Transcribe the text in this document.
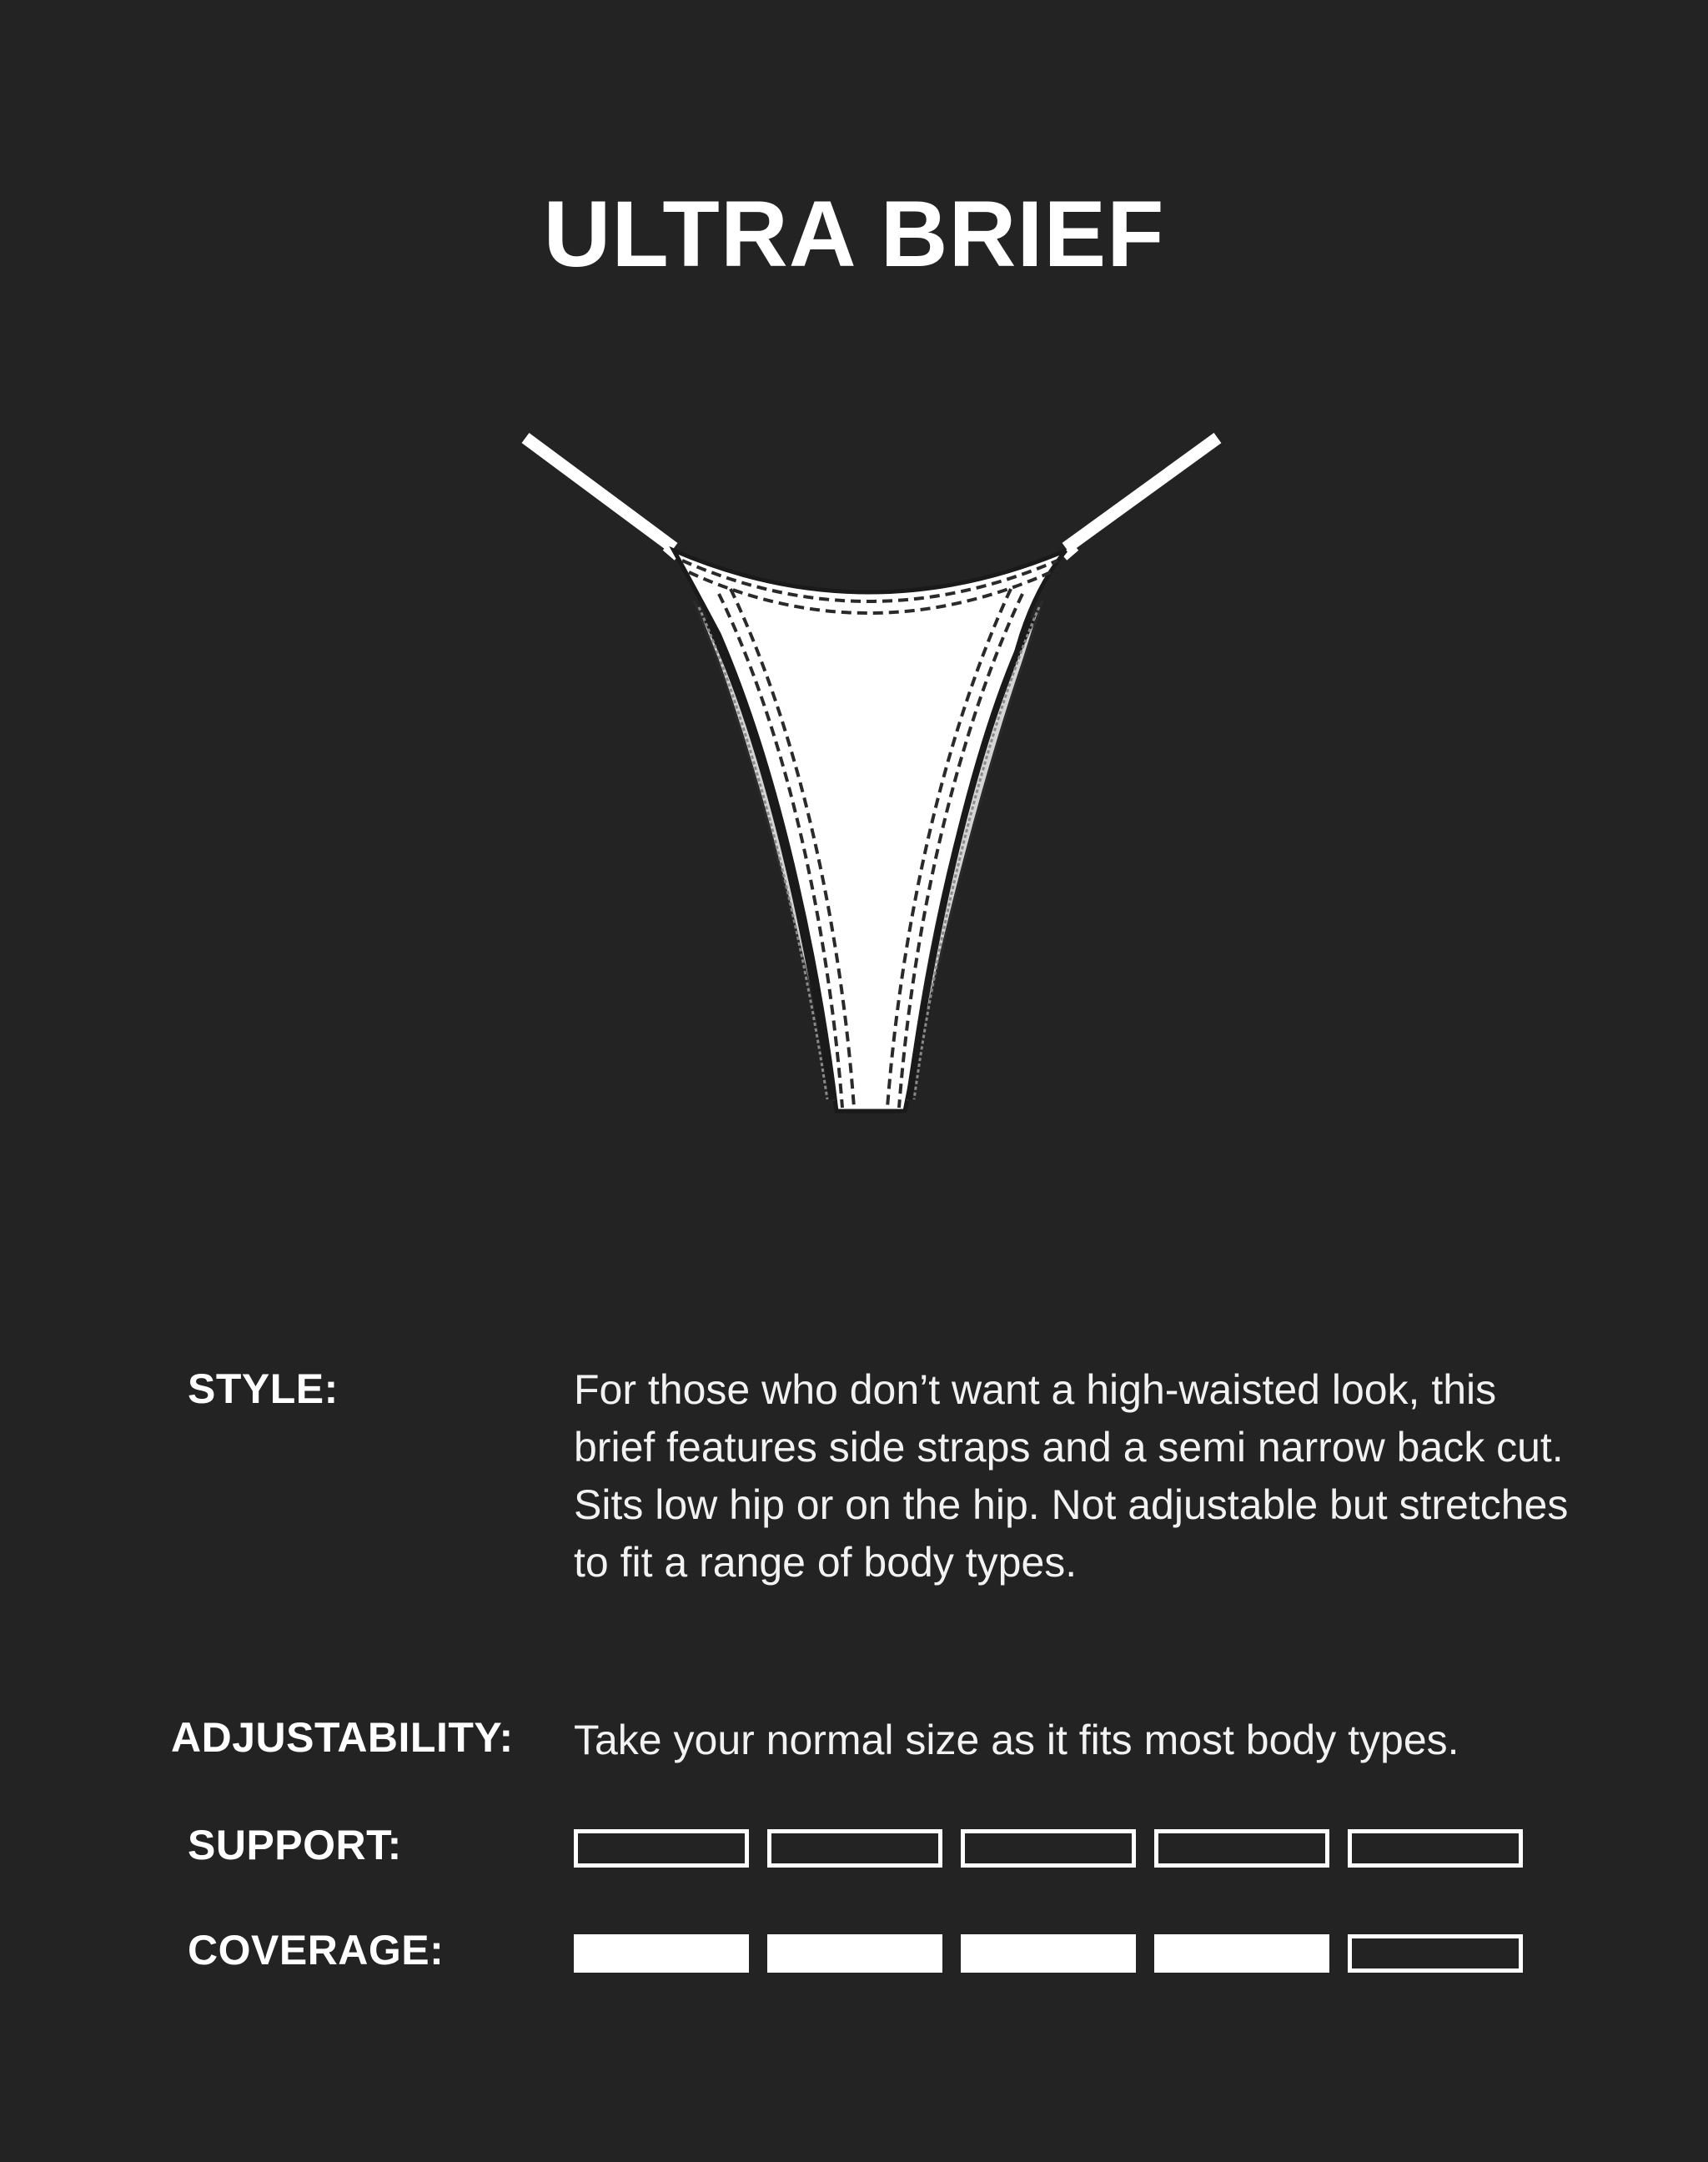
ULTRA BRIEF
STYLE:	For those who don’t want a high-waisted look, this brief features side straps and a semi narrow back cut. Sits low hip or on the hip. Not adjustable but stretches to fit a range of body types.
ADJUSTABILITY: Take your normal size as it fits most body types.
SUPPORT:
COVERAGE:
